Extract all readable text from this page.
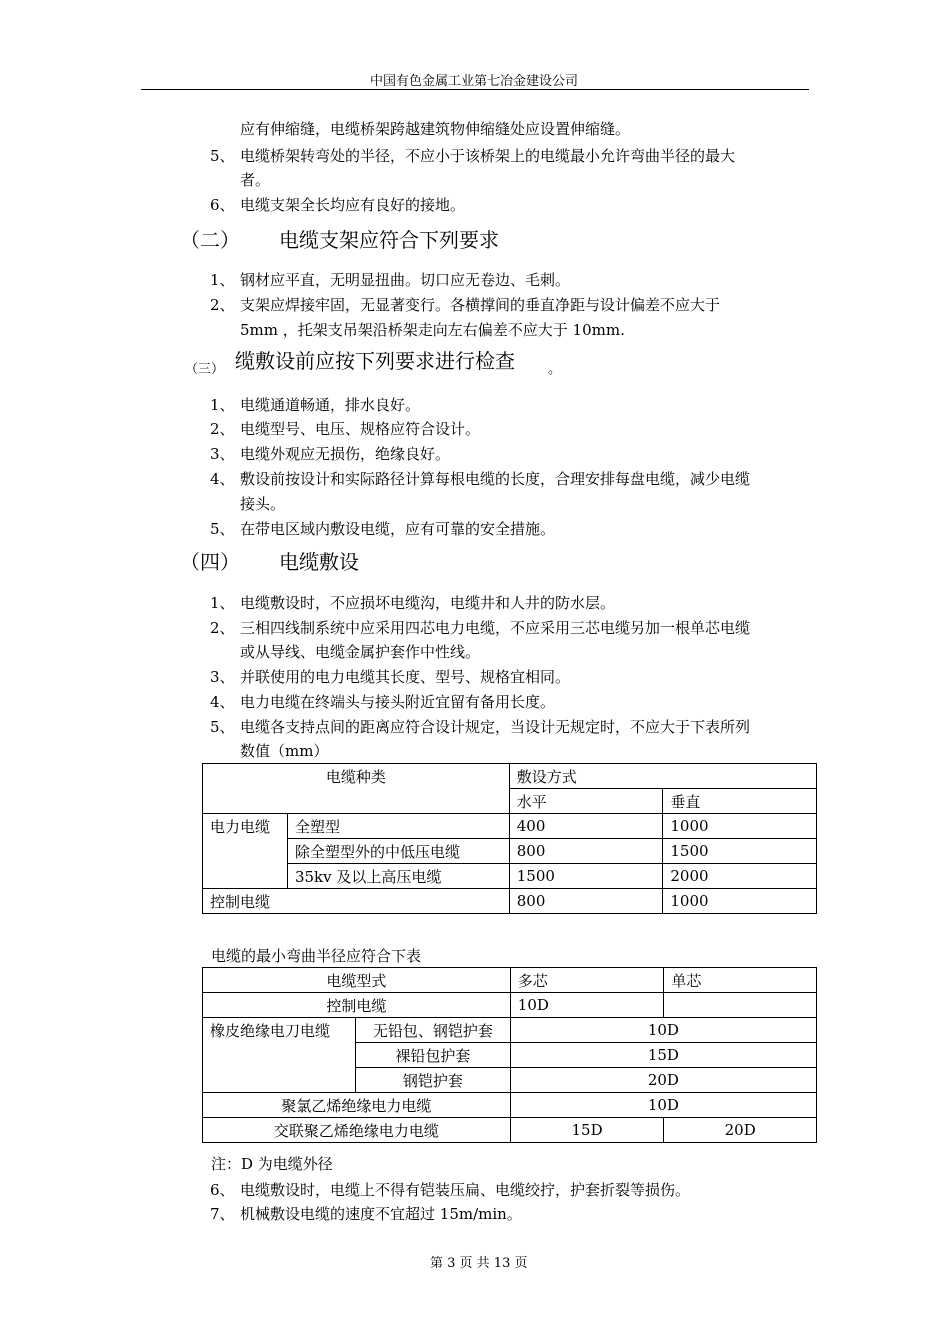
中国有色金属工业第七冶金建设公司
应有伸缩缝，电缆桥架跨越建筑物伸缩缝处应设置伸缩缝。
5、 电缆桥架转弯处的半径，不应小于该桥架上的电缆最小允许弯曲半径的最大
者。
6、 电缆支架全长均应有良好的接地。
（二） 电缆支架应符合下列要求
1、 钢材应平直，无明显扭曲。切口应无卷边、毛刺。
2、 支架应焊接牢固，无显著变行。各横撑间的垂直净距与设计偏差不应大于
5mm ，托架支吊架沿桥架走向左右偏差不应大于 10mm.
（三） 缆敷设前应按下列要求进行检查	。
1、 电缆通道畅通，排水良好。
2、 电缆型号、电压、规格应符合设计。
3、 电缆外观应无损伤，绝缘良好。
4、 敷设前按设计和实际路径计算每根电缆的长度，合理安排每盘电缆，减少电缆
接头。
5、 在带电区域内敷设电缆，应有可靠的安全措施。
（四） 电缆敷设
1、 电缆敷设时，不应损坏电缆沟，电缆井和人井的防水层。
2、 三相四线制系统中应采用四芯电力电缆，不应采用三芯电缆另加一根单芯电缆
或从导线、电缆金属护套作中性线。
3、 并联使用的电力电缆其长度、型号、规格宜相同。
4、 电力电缆在终端头与接头附近宜留有备用长度。
5、 电缆各支持点间的距离应符合设计规定，当设计无规定时，不应大于下表所列
数值（mm）
电缆种类		敷设方式	
		水平	垂直
电力电缆	全塑型	400	1000
	除全塑型外的中低压电缆	800	1500
	35kv 及以上高压电缆	1500	2000
控制电缆		800	1000
电缆的最小弯曲半径应符合下表
电缆型式		多芯	单芯
控制电缆		10D	
橡皮绝缘电刀电缆	无铅包、钢铠护套	10D	
	裸铅包护套	15D	
	钢铠护套	20D	
聚氯乙烯绝缘电力电缆		10D	
交联聚乙烯绝缘电力电缆		15D	20D
注：D 为电缆外径
6、 电缆敷设时，电缆上不得有铠装压扁、电缆绞拧，护套折裂等损伤。
7、 机械敷设电缆的速度不宜超过 15m/min。
第 3 页 共 13 页
